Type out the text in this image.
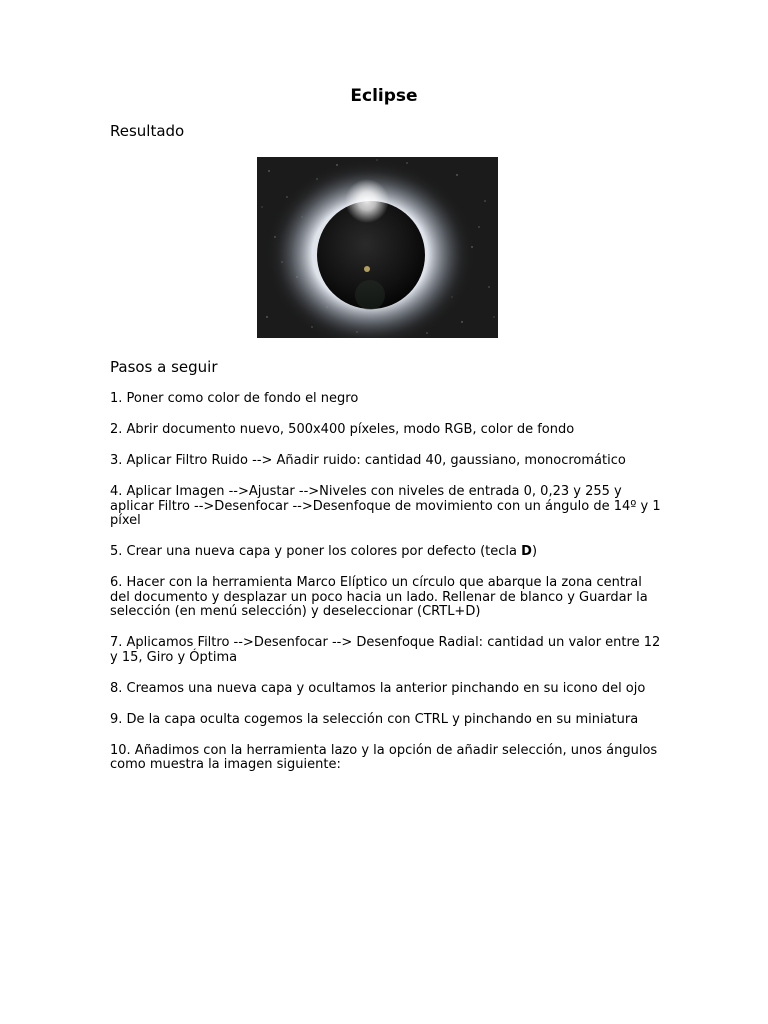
Eclipse
Resultado
Pasos a seguir

1. Poner como color de fondo el negro

2. Abrir documento nuevo, 500x400 píxeles, modo RGB, color de fondo

3. Aplicar Filtro Ruido --> Añadir ruido: cantidad 40, gaussiano, monocromático

4. Aplicar Imagen -->Ajustar -->Niveles con niveles de entrada 0, 0,23 y 255 y aplicar Filtro -->Desenfocar -->Desenfoque de movimiento con un ángulo de 14º y 1 píxel

5. Crear una nueva capa y poner los colores por defecto (tecla D)

6. Hacer con la herramienta Marco Elíptico un círculo que abarque la zona central del documento y desplazar un poco hacia un lado. Rellenar de blanco y Guardar la selección (en menú selección) y deseleccionar (CRTL+D)

7. Aplicamos Filtro -->Desenfocar --> Desenfoque Radial: cantidad un valor entre 12 y 15, Giro y Óptima

8. Creamos una nueva capa y ocultamos la anterior pinchando en su icono del ojo

9. De la capa oculta cogemos la selección con CTRL y pinchando en su miniatura

10. Añadimos con la herramienta lazo y la opción de añadir selección, unos ángulos como muestra la imagen siguiente:
